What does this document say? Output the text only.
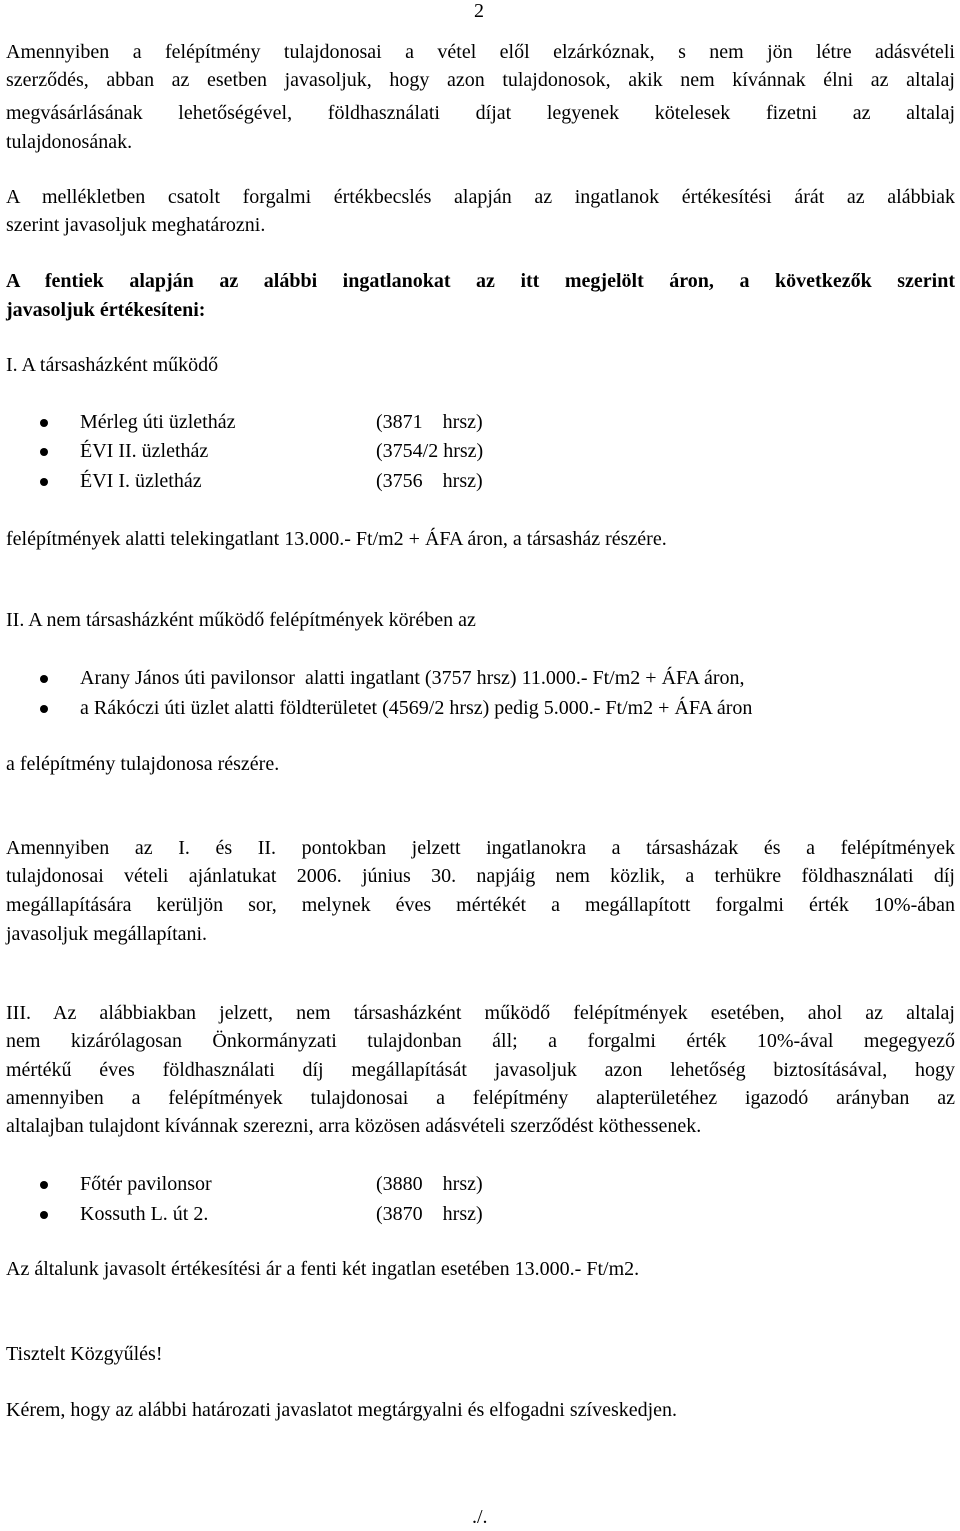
2

Amennyiben a felépítmény tulajdonosai a vétel elől elzárkóznak, s nem jön létre adásvételi

szerződés, abban az esetben javasoljuk, hogy azon tulajdonosok, akik nem kívánnak élni az altalaj

megvásárlásának lehetőségével, földhasználati díjat legyenek kötelesek fizetni az altalaj

tulajdonosának.

A mellékletben csatolt forgalmi értékbecslés alapján az ingatlanok értékesítési árát az alábbiak

szerint javasoljuk meghatározni.

A fentiek alapján az alábbi ingatlanokat az itt megjelölt áron, a következők szerint

javasoljuk értékesíteni:

I. A társasházként működő

Mérleg úti üzletház	(3871    hrsz)
ÉVI II. üzletház	(3754/2 hrsz)
ÉVI I. üzletház	(3756    hrsz)

felépítmények alatti telekingatlant 13.000.- Ft/m2 + ÁFA áron, a társasház részére.

II. A nem társasházként működő felépítmények körében az

Arany János úti pavilonsor  alatti ingatlant (3757 hrsz) 11.000.- Ft/m2 + ÁFA áron,
a Rákóczi úti üzlet alatti földterületet (4569/2 hrsz) pedig 5.000.- Ft/m2 + ÁFA áron

a felépítmény tulajdonosa részére.

Amennyiben az I. és II. pontokban jelzett ingatlanokra a társasházak és a felépítmények

tulajdonosai vételi ajánlatukat 2006. június 30. napjáig nem közlik, a terhükre földhasználati díj

megállapítására kerüljön sor, melynek éves mértékét a megállapított forgalmi érték 10%-ában

javasoljuk megállapítani.

III. Az alábbiakban jelzett, nem társasházként működő felépítmények esetében, ahol az altalaj

nem kizárólagosan Önkormányzati tulajdonban áll; a forgalmi érték 10%-ával megegyező

mértékű éves földhasználati díj megállapítását javasoljuk azon lehetőség biztosításával, hogy

amennyiben a felépítmények tulajdonosai a felépítmény alapterületéhez igazodó arányban az

altalajban tulajdont kívánnak szerezni, arra közösen adásvételi szerződést köthessenek.

Főtér pavilonsor	(3880    hrsz)
Kossuth L. út 2.	(3870    hrsz)

Az általunk javasolt értékesítési ár a fenti két ingatlan esetében 13.000.- Ft/m2.

Tisztelt Közgyűlés!

Kérem, hogy az alábbi határozati javaslatot megtárgyalni és elfogadni szíveskedjen.

./.
